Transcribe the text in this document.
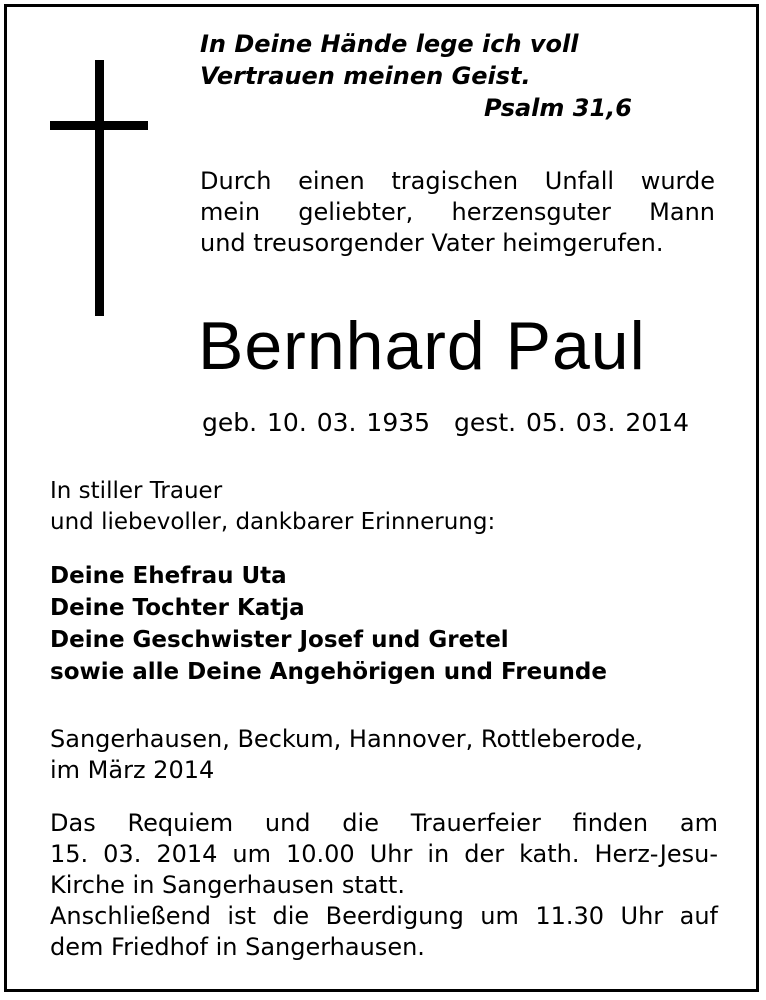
In Deine Hände lege ich voll
Vertrauen meinen Geist.
Psalm 31,6
Durch einen tragischen Unfall wurde
mein geliebter, herzensguter Mann
und treusorgender Vater heimgerufen.
Bernhard Paul
geb. 10. 03. 1935 gest. 05. 03. 2014
In stiller Trauer
und liebevoller, dankbarer Erinnerung:
Deine Ehefrau Uta
Deine Tochter Katja
Deine Geschwister Josef und Gretel
sowie alle Deine Angehörigen und Freunde
Sangerhausen, Beckum, Hannover, Rottleberode,
im März 2014
Das Requiem und die Trauerfeier finden am
15. 03. 2014 um 10.00 Uhr in der kath. Herz-Jesu-
Kirche in Sangerhausen statt.
Anschließend ist die Beerdigung um 11.30 Uhr auf
dem Friedhof in Sangerhausen.
